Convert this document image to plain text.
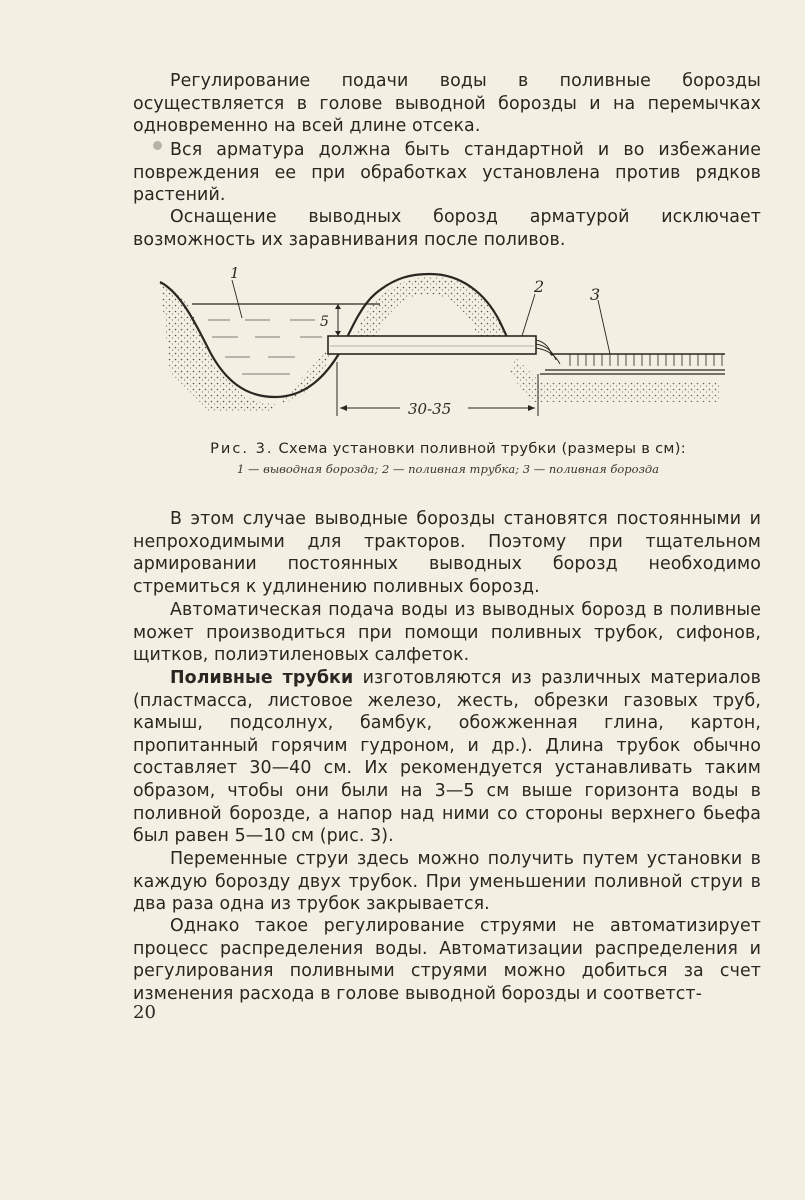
Регулирование подачи воды в поливные борозды осуществляется в голове выводной борозды и на перемычках одновременно на всей длине отсека.

Вся арматура должна быть стандартной и во избежание повреждения ее при обработках установлена против рядков растений.

Оснащение выводных борозд арматурой исключает возможность их заравнивания после поливов.

5
1
2	3
30-35
Рис. 3. Схема установки поливной трубки (размеры в см):
1 — выводная борозда; 2 — поливная трубка; 3 — поливная борозда

В этом случае выводные борозды становятся постоянными и непроходимыми для тракторов. Поэтому при тщательном армировании постоянных выводных борозд необходимо стремиться к удлинению поливных борозд.

Автоматическая подача воды из выводных борозд в поливные может производиться при помощи поливных трубок, сифонов, щитков, полиэтиленовых салфеток.

Поливные трубки изготовляются из различных материалов (пластмасса, листовое железо, жесть, обрезки газовых труб, камыш, подсолнух, бамбук, обожженная глина, картон, пропитанный горячим гудроном, и др.). Длина трубок обычно составляет 30—40 см. Их рекомендуется устанавливать таким образом, чтобы они были на 3—5 см выше горизонта воды в поливной борозде, а напор над ними со стороны верхнего бьефа был равен 5—10 см (рис. 3).

Переменные струи здесь можно получить путем установки в каждую борозду двух трубок. При уменьшении поливной струи в два раза одна из трубок закрывается.

Однако такое регулирование струями не автоматизирует процесс распределения воды. Автоматизации распределения и регулирования поливными струями можно добиться за счет изменения расхода в голове выводной борозды и соответст-

20
